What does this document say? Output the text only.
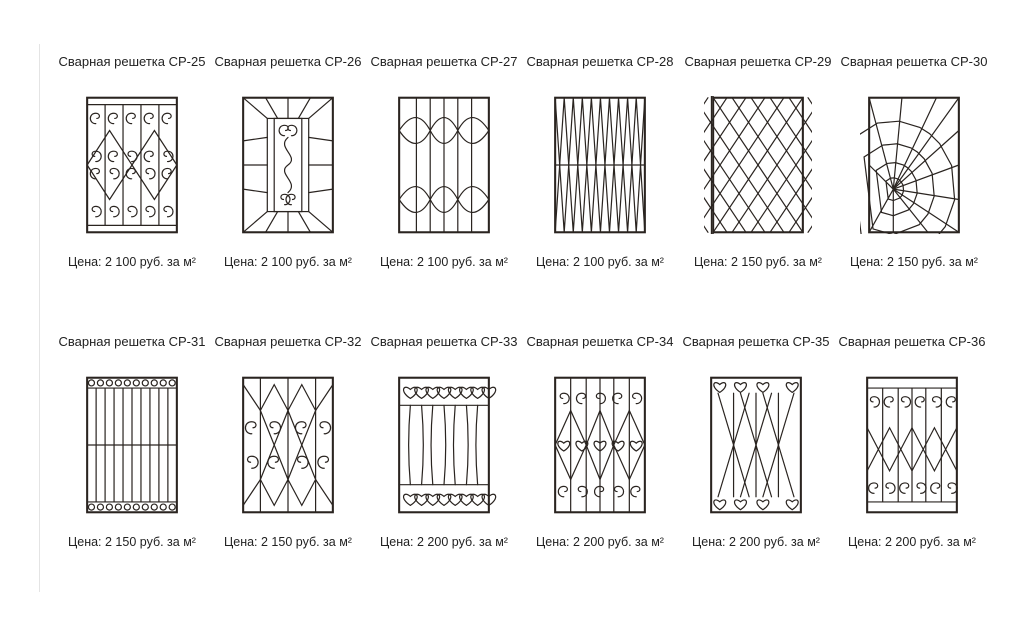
Сварная решетка СР-25
Цена: 2 100 руб. за м²
Сварная решетка СР-26
Цена: 2 100 руб. за м²
Сварная решетка СР-27
Цена: 2 100 руб. за м²
Сварная решетка СР-28
Цена: 2 100 руб. за м²
Сварная решетка СР-29
Цена: 2 150 руб. за м²
Сварная решетка СР-30
Цена: 2 150 руб. за м²
Сварная решетка СР-31
Цена: 2 150 руб. за м²
Сварная решетка СР-32
Цена: 2 150 руб. за м²
Сварная решетка СР-33
Цена: 2 200 руб. за м²
Сварная решетка СР-34
Цена: 2 200 руб. за м²
Сварная решетка СР-35
Цена: 2 200 руб. за м²
Сварная решетка СР-36
Цена: 2 200 руб. за м²
